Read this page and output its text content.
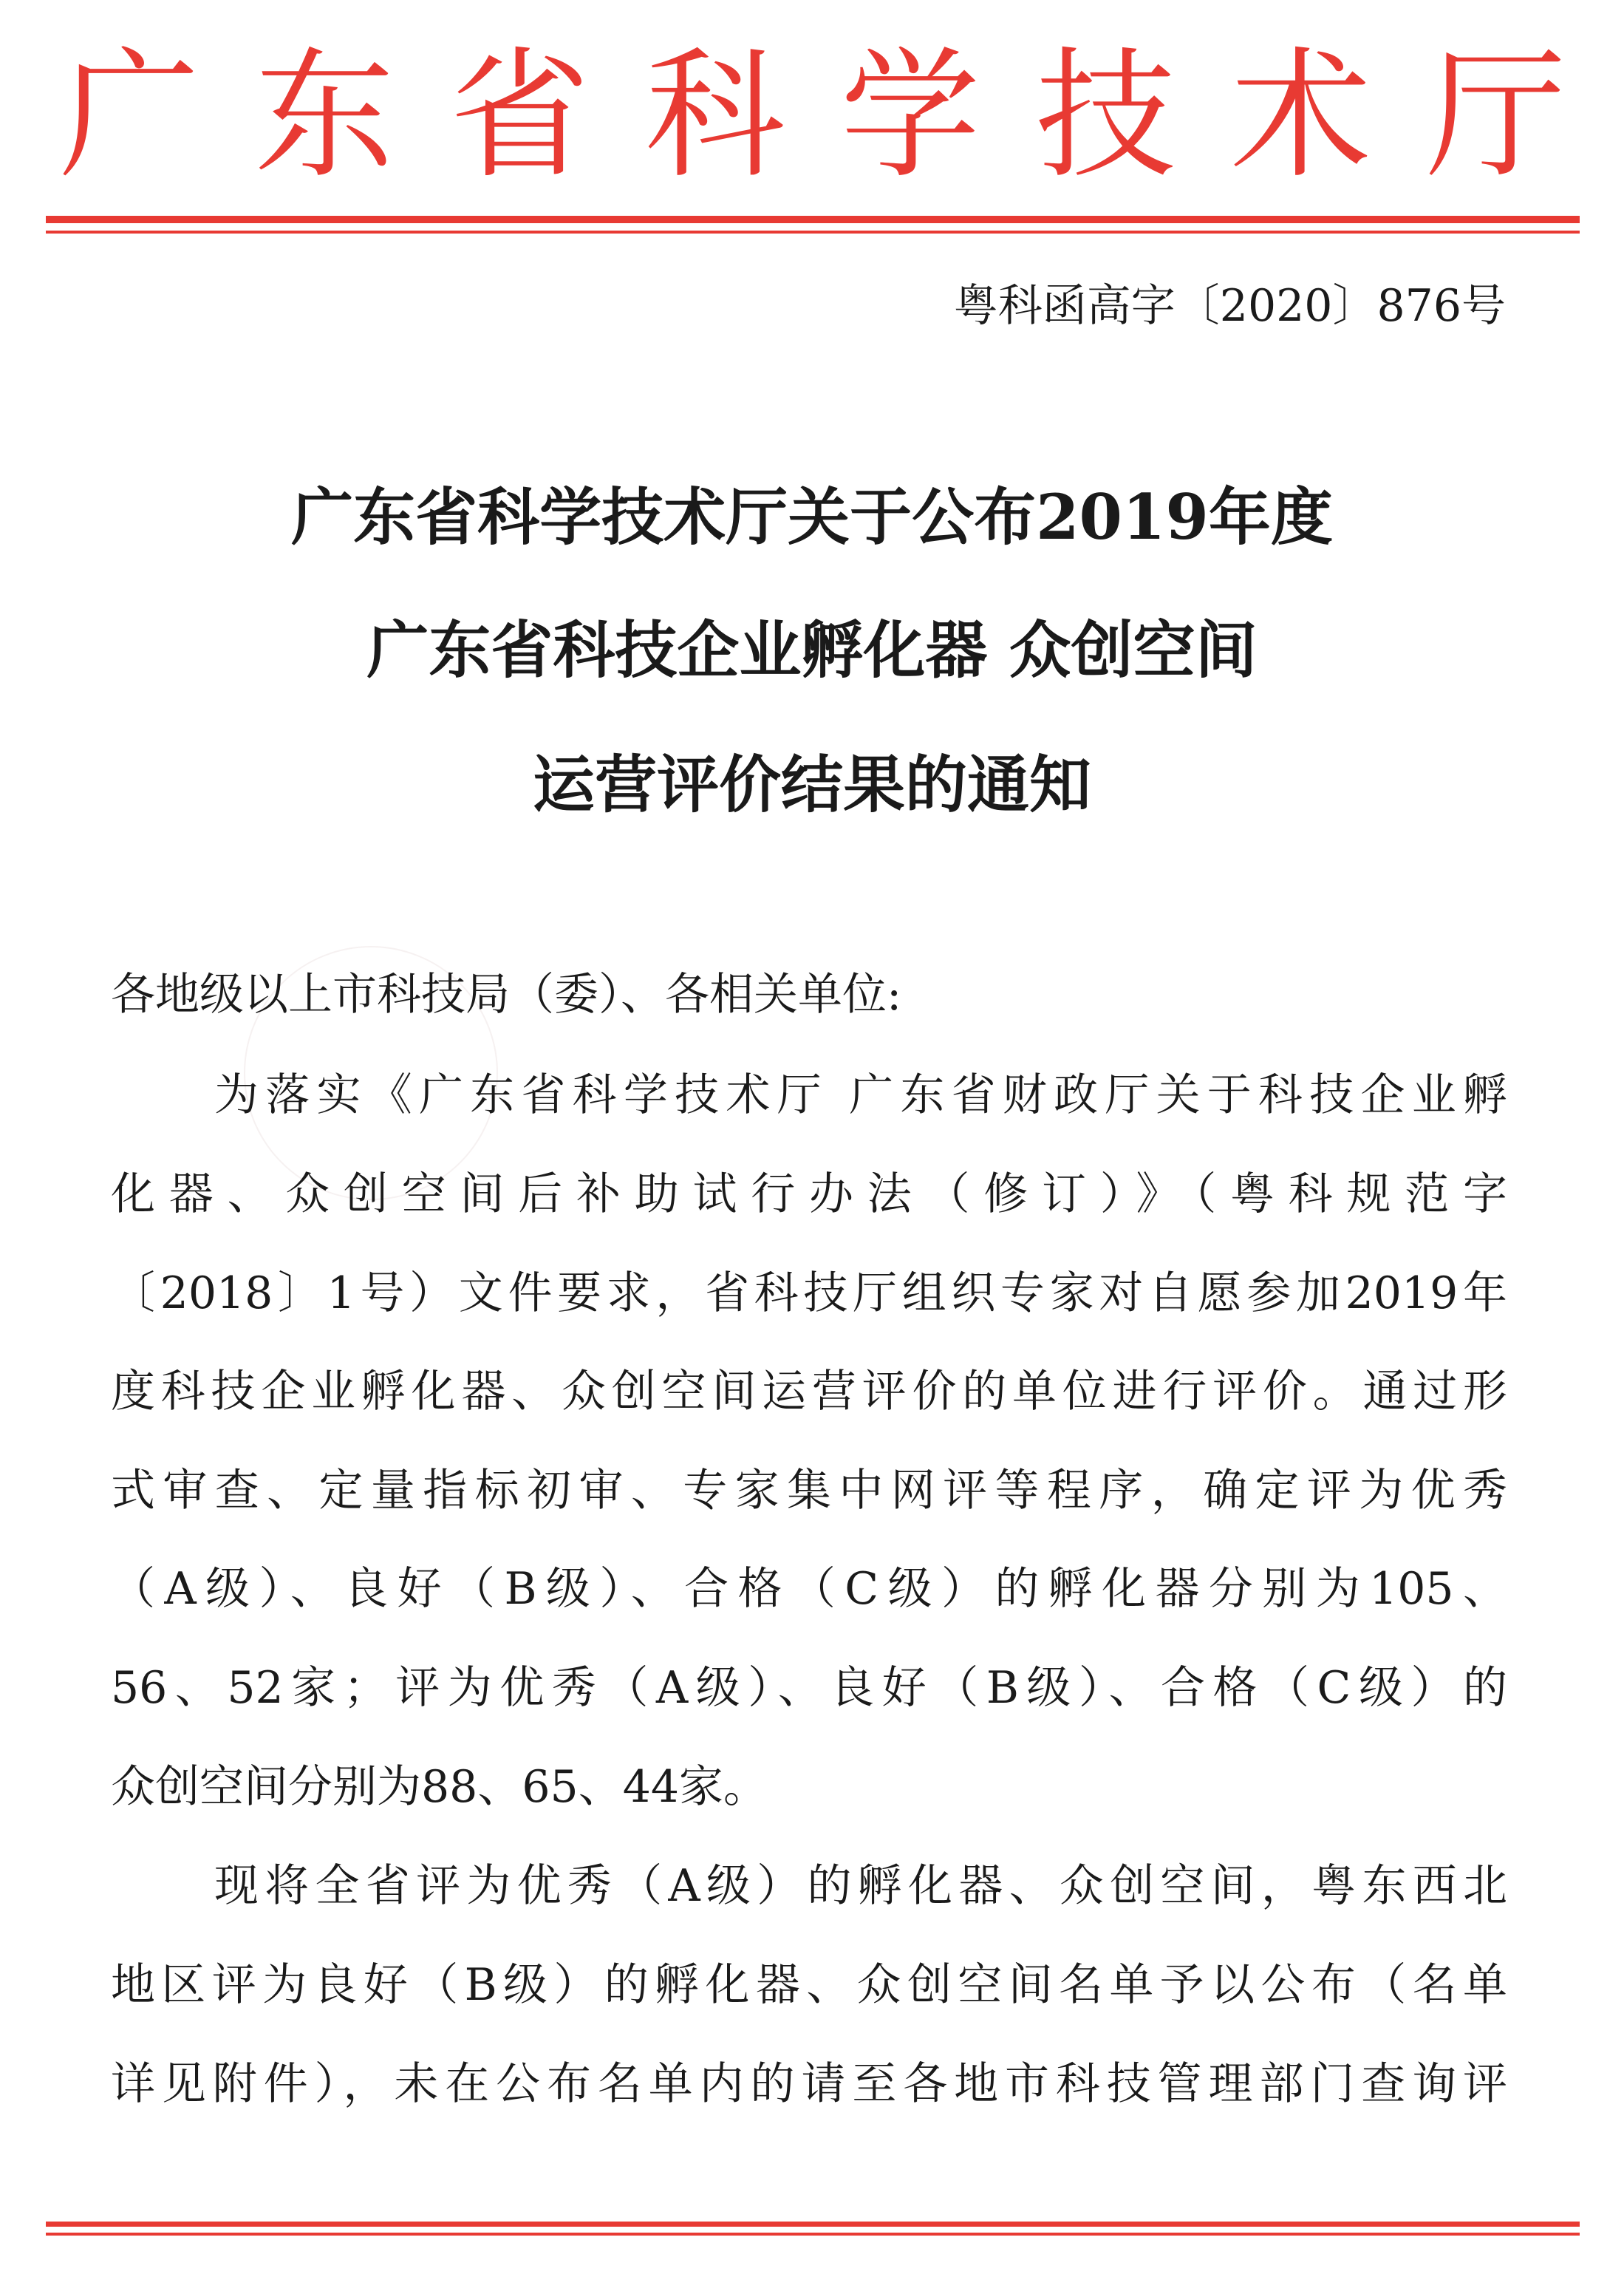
广 东 省 科 学 技 术 厅
粤科函高字〔2020〕876号
广东省科学技术厅关于公布2019年度
广东省科技企业孵化器 众创空间
运营评价结果的通知
各地级以上市科技局（委）、各相关单位:
为落实《广东省科学技术厅 广东省财政厅关于科技企业孵
化器、众创空间后补助试行办法（修订）》（粤科规范字
〔2018〕1号）文件要求，省科技厅组织专家对自愿参加2019年
度科技企业孵化器、众创空间运营评价的单位进行评价。通过形
式审查、定量指标初审、专家集中网评等程序，确定评为优秀
（A级）、良好（B级）、合格（C级）的孵化器分别为105、
56、52家；评为优秀（A级）、良好（B级）、合格（C级）的
众创空间分别为88、65、44家。
现将全省评为优秀（A级）的孵化器、众创空间，粤东西北
地区评为良好（B级）的孵化器、众创空间名单予以公布（名单
详见附件），未在公布名单内的请至各地市科技管理部门查询评
